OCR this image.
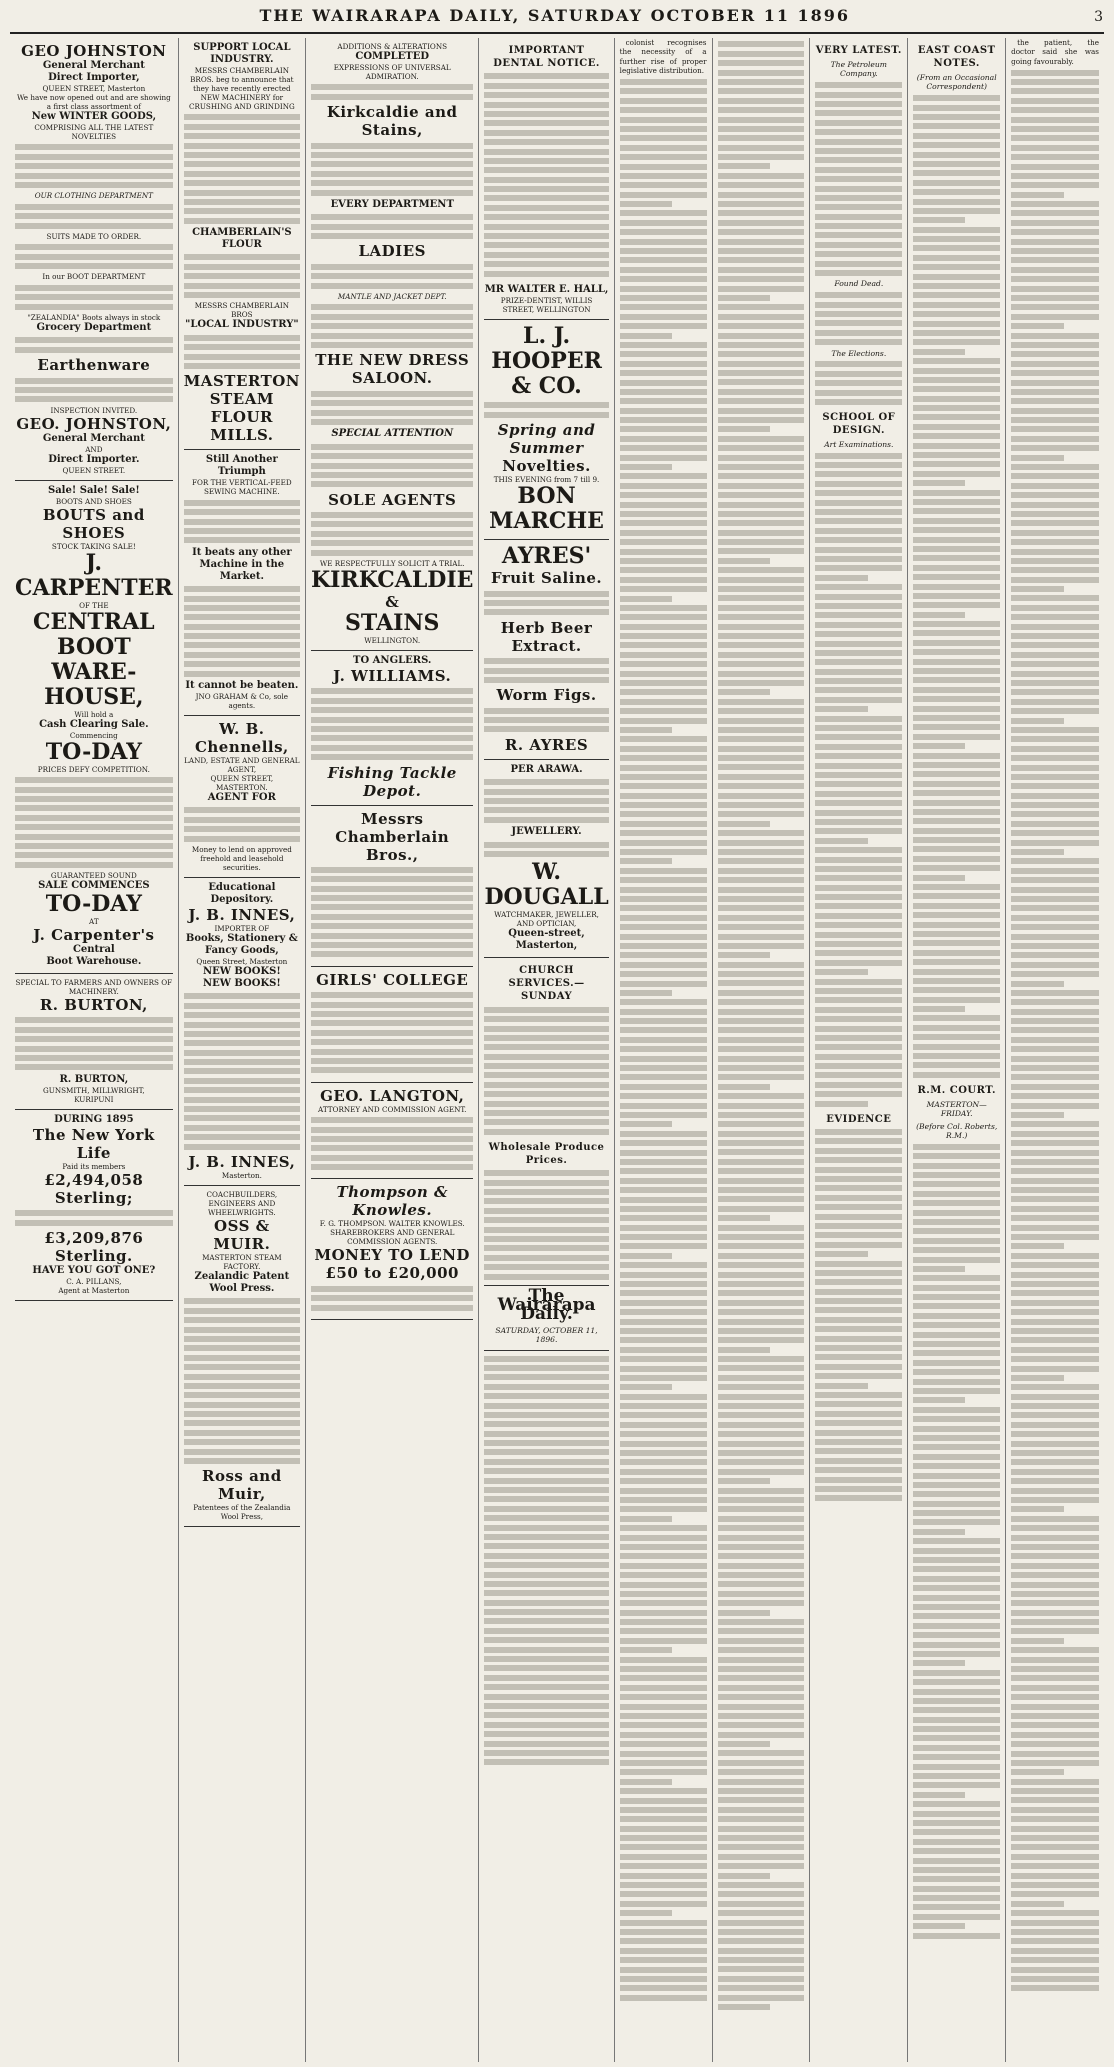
THE WAIRARAPA DAILY, SATURDAY OCTOBER 11 1896	3
GEO JOHNSTON
General Merchant
Direct Importer,
QUEEN STREET, Masterton
We have now opened out and are showing a first class assortment of
New WINTER GOODS,
COMPRISING ALL THE LATEST NOVELTIES
OUR CLOTHING DEPARTMENT
SUITS MADE TO ORDER.
In our BOOT DEPARTMENT
"ZEALANDIA" Boots always in stock
Grocery Department
Earthenware
INSPECTION INVITED.
GEO. JOHNSTON,
General Merchant
AND
Direct Importer.
QUEEN STREET.
Sale! Sale! Sale!
BOOTS AND SHOES
BOUTS and SHOES
STOCK TAKING SALE!
J. CARPENTER
OF THE
CENTRAL
BOOT WARE-
HOUSE,
Will hold a
Cash Clearing Sale.
Commencing
TO-DAY
PRICES DEFY COMPETITION.
GUARANTEED SOUND
SALE COMMENCES
TO-DAY
AT
J. Carpenter's
Central
Boot Warehouse.
SPECIAL TO FARMERS AND OWNERS OF MACHINERY.
R. BURTON,
R. BURTON,
GUNSMITH, MILLWRIGHT,
KURIPUNI
DURING 1895
The New York Life
Paid its members
£2,494,058 Sterling;
£3,209,876 Sterling.
HAVE YOU GOT ONE?
C. A. PILLANS,
Agent at Masterton
SUPPORT LOCAL INDUSTRY.
MESSRS CHAMBERLAIN BROS. beg to announce that they have recently erected NEW MACHINERY for CRUSHING AND GRINDING
CHAMBERLAIN'S FLOUR
MESSRS CHAMBERLAIN BROS
"LOCAL INDUSTRY"
MASTERTON STEAM FLOUR MILLS.
Still Another Triumph
FOR THE VERTICAL-FEED SEWING MACHINE.
It beats any other Machine in the Market.
It cannot be beaten.
JNO GRAHAM & Co, sole agents.
W. B. Chennells,
LAND, ESTATE AND GENERAL AGENT,
QUEEN STREET, MASTERTON.
AGENT FOR
Money to lend on approved freehold and leasehold securities.
Educational Depository.
J. B. INNES,
IMPORTER OF
Books, Stationery & Fancy Goods,
Queen Street, Masterton
NEW BOOKS!
NEW BOOKS!
J. B. INNES,
Masterton.
COACHBUILDERS, ENGINEERS AND WHEELWRIGHTS.
OSS & MUIR.
MASTERTON STEAM FACTORY.
Zealandic Patent Wool Press.
Ross and Muir,
Patentees of the Zealandia Wool Press,
ADDITIONS & ALTERATIONS
COMPLETED
EXPRESSIONS OF UNIVERSAL ADMIRATION.
Kirkcaldie and Stains,
EVERY DEPARTMENT
LADIES
MANTLE AND JACKET DEPT.
THE NEW DRESS SALOON.
SPECIAL ATTENTION
SOLE AGENTS
WE RESPECTFULLY SOLICIT A TRIAL.
KIRKCALDIE
&
STAINS
WELLINGTON.
TO ANGLERS.
J. WILLIAMS.
Fishing Tackle Depot.
Messrs Chamberlain
Bros.,
GIRLS' COLLEGE
GEO. LANGTON,
ATTORNEY AND COMMISSION AGENT.
Thompson & Knowles.
F. G. THOMPSON. WALTER KNOWLES.
SHAREBROKERS AND GENERAL COMMISSION AGENTS.
MONEY TO LEND
£50 to £20,000
IMPORTANT DENTAL NOTICE.
MR WALTER E. HALL,
PRIZE-DENTIST, WILLIS STREET, WELLINGTON
L. J. HOOPER
& CO.
Spring and Summer
Novelties.
THIS EVENING from 7 till 9.
BON MARCHE
AYRES'
Fruit Saline.
Herb Beer Extract.
Worm Figs.
R. AYRES
PER ARAWA.
JEWELLERY.
W. DOUGALL
WATCHMAKER, JEWELLER, AND OPTICIAN,
Queen-street, Masterton,
CHURCH SERVICES.—SUNDAY
Wholesale Produce Prices.
The Wairarapa Daily.
SATURDAY, OCTOBER 11, 1896.

colonist recognises the necessity of a further rise of proper legislative distribution.

VERY LATEST.
The Petroleum Company.
Found Dead.
The Elections.
SCHOOL OF DESIGN.
Art Examinations.
EVIDENCE
EAST COAST NOTES.
(From an Occasional Correspondent)
R.M. COURT.
MASTERTON—FRIDAY.
(Before Col. Roberts, R.M.)

the patient, the doctor said she was going favourably.
